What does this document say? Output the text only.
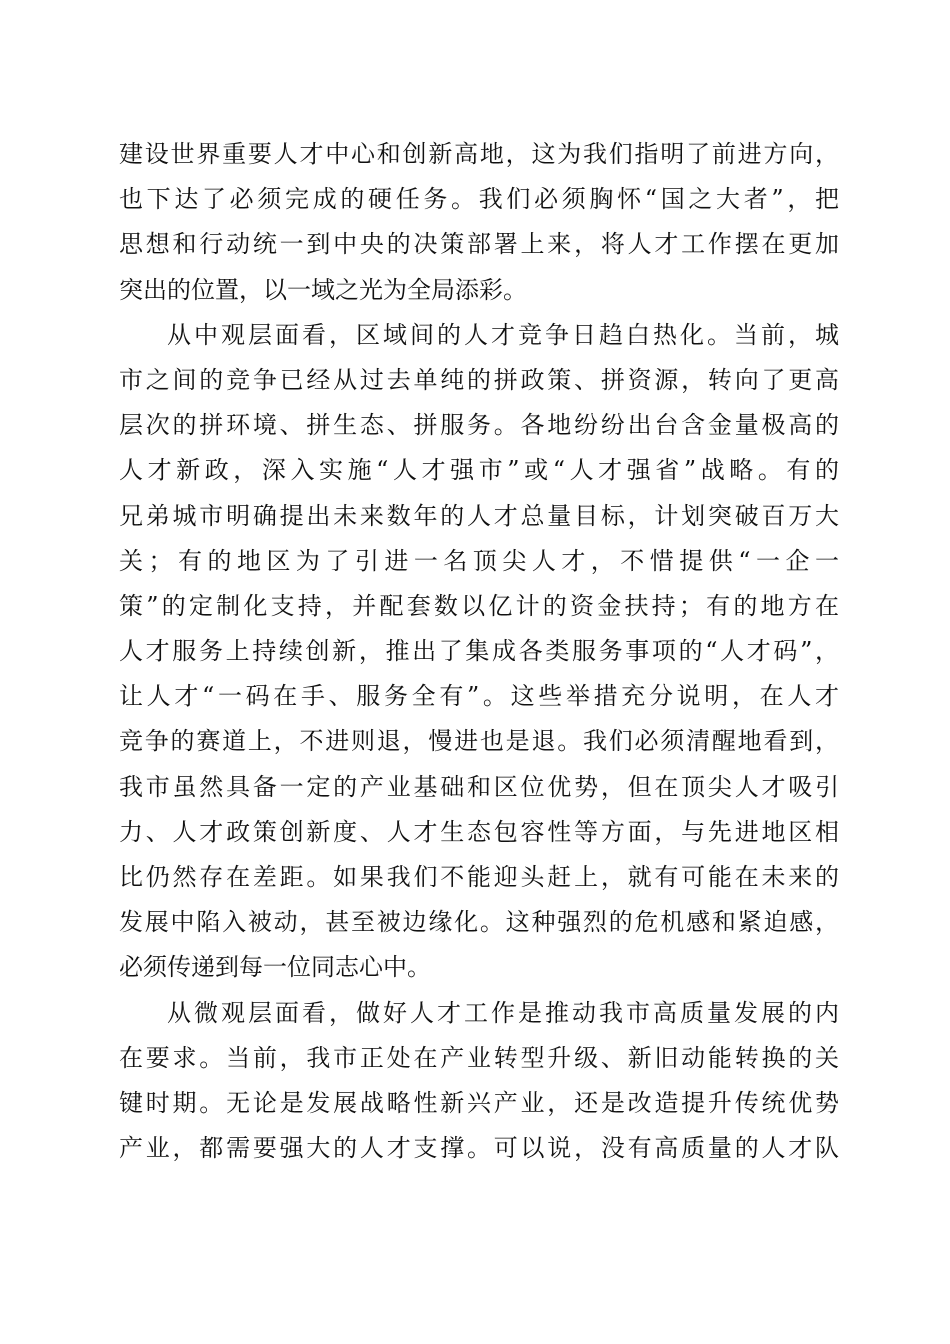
建设世界重要人才中心和创新高地，这为我们指明了前进方向，
也下达了必须完成的硬任务。我们必须胸怀“国之大者”，把
思想和行动统一到中央的决策部署上来，将人才工作摆在更加
突出的位置，以一域之光为全局添彩。
从中观层面看，区域间的人才竞争日趋白热化。当前，城
市之间的竞争已经从过去单纯的拼政策、拼资源，转向了更高
层次的拼环境、拼生态、拼服务。各地纷纷出台含金量极高的
人才新政，深入实施“人才强市”或“人才强省”战略。有的
兄弟城市明确提出未来数年的人才总量目标，计划突破百万大
关；有的地区为了引进一名顶尖人才，不惜提供“一企一
策”的定制化支持，并配套数以亿计的资金扶持；有的地方在
人才服务上持续创新，推出了集成各类服务事项的“人才码”，
让人才“一码在手、服务全有”。这些举措充分说明，在人才
竞争的赛道上，不进则退，慢进也是退。我们必须清醒地看到，
我市虽然具备一定的产业基础和区位优势，但在顶尖人才吸引
力、人才政策创新度、人才生态包容性等方面，与先进地区相
比仍然存在差距。如果我们不能迎头赶上，就有可能在未来的
发展中陷入被动，甚至被边缘化。这种强烈的危机感和紧迫感，
必须传递到每一位同志心中。
从微观层面看，做好人才工作是推动我市高质量发展的内
在要求。当前，我市正处在产业转型升级、新旧动能转换的关
键时期。无论是发展战略性新兴产业，还是改造提升传统优势
产业，都需要强大的人才支撑。可以说，没有高质量的人才队
